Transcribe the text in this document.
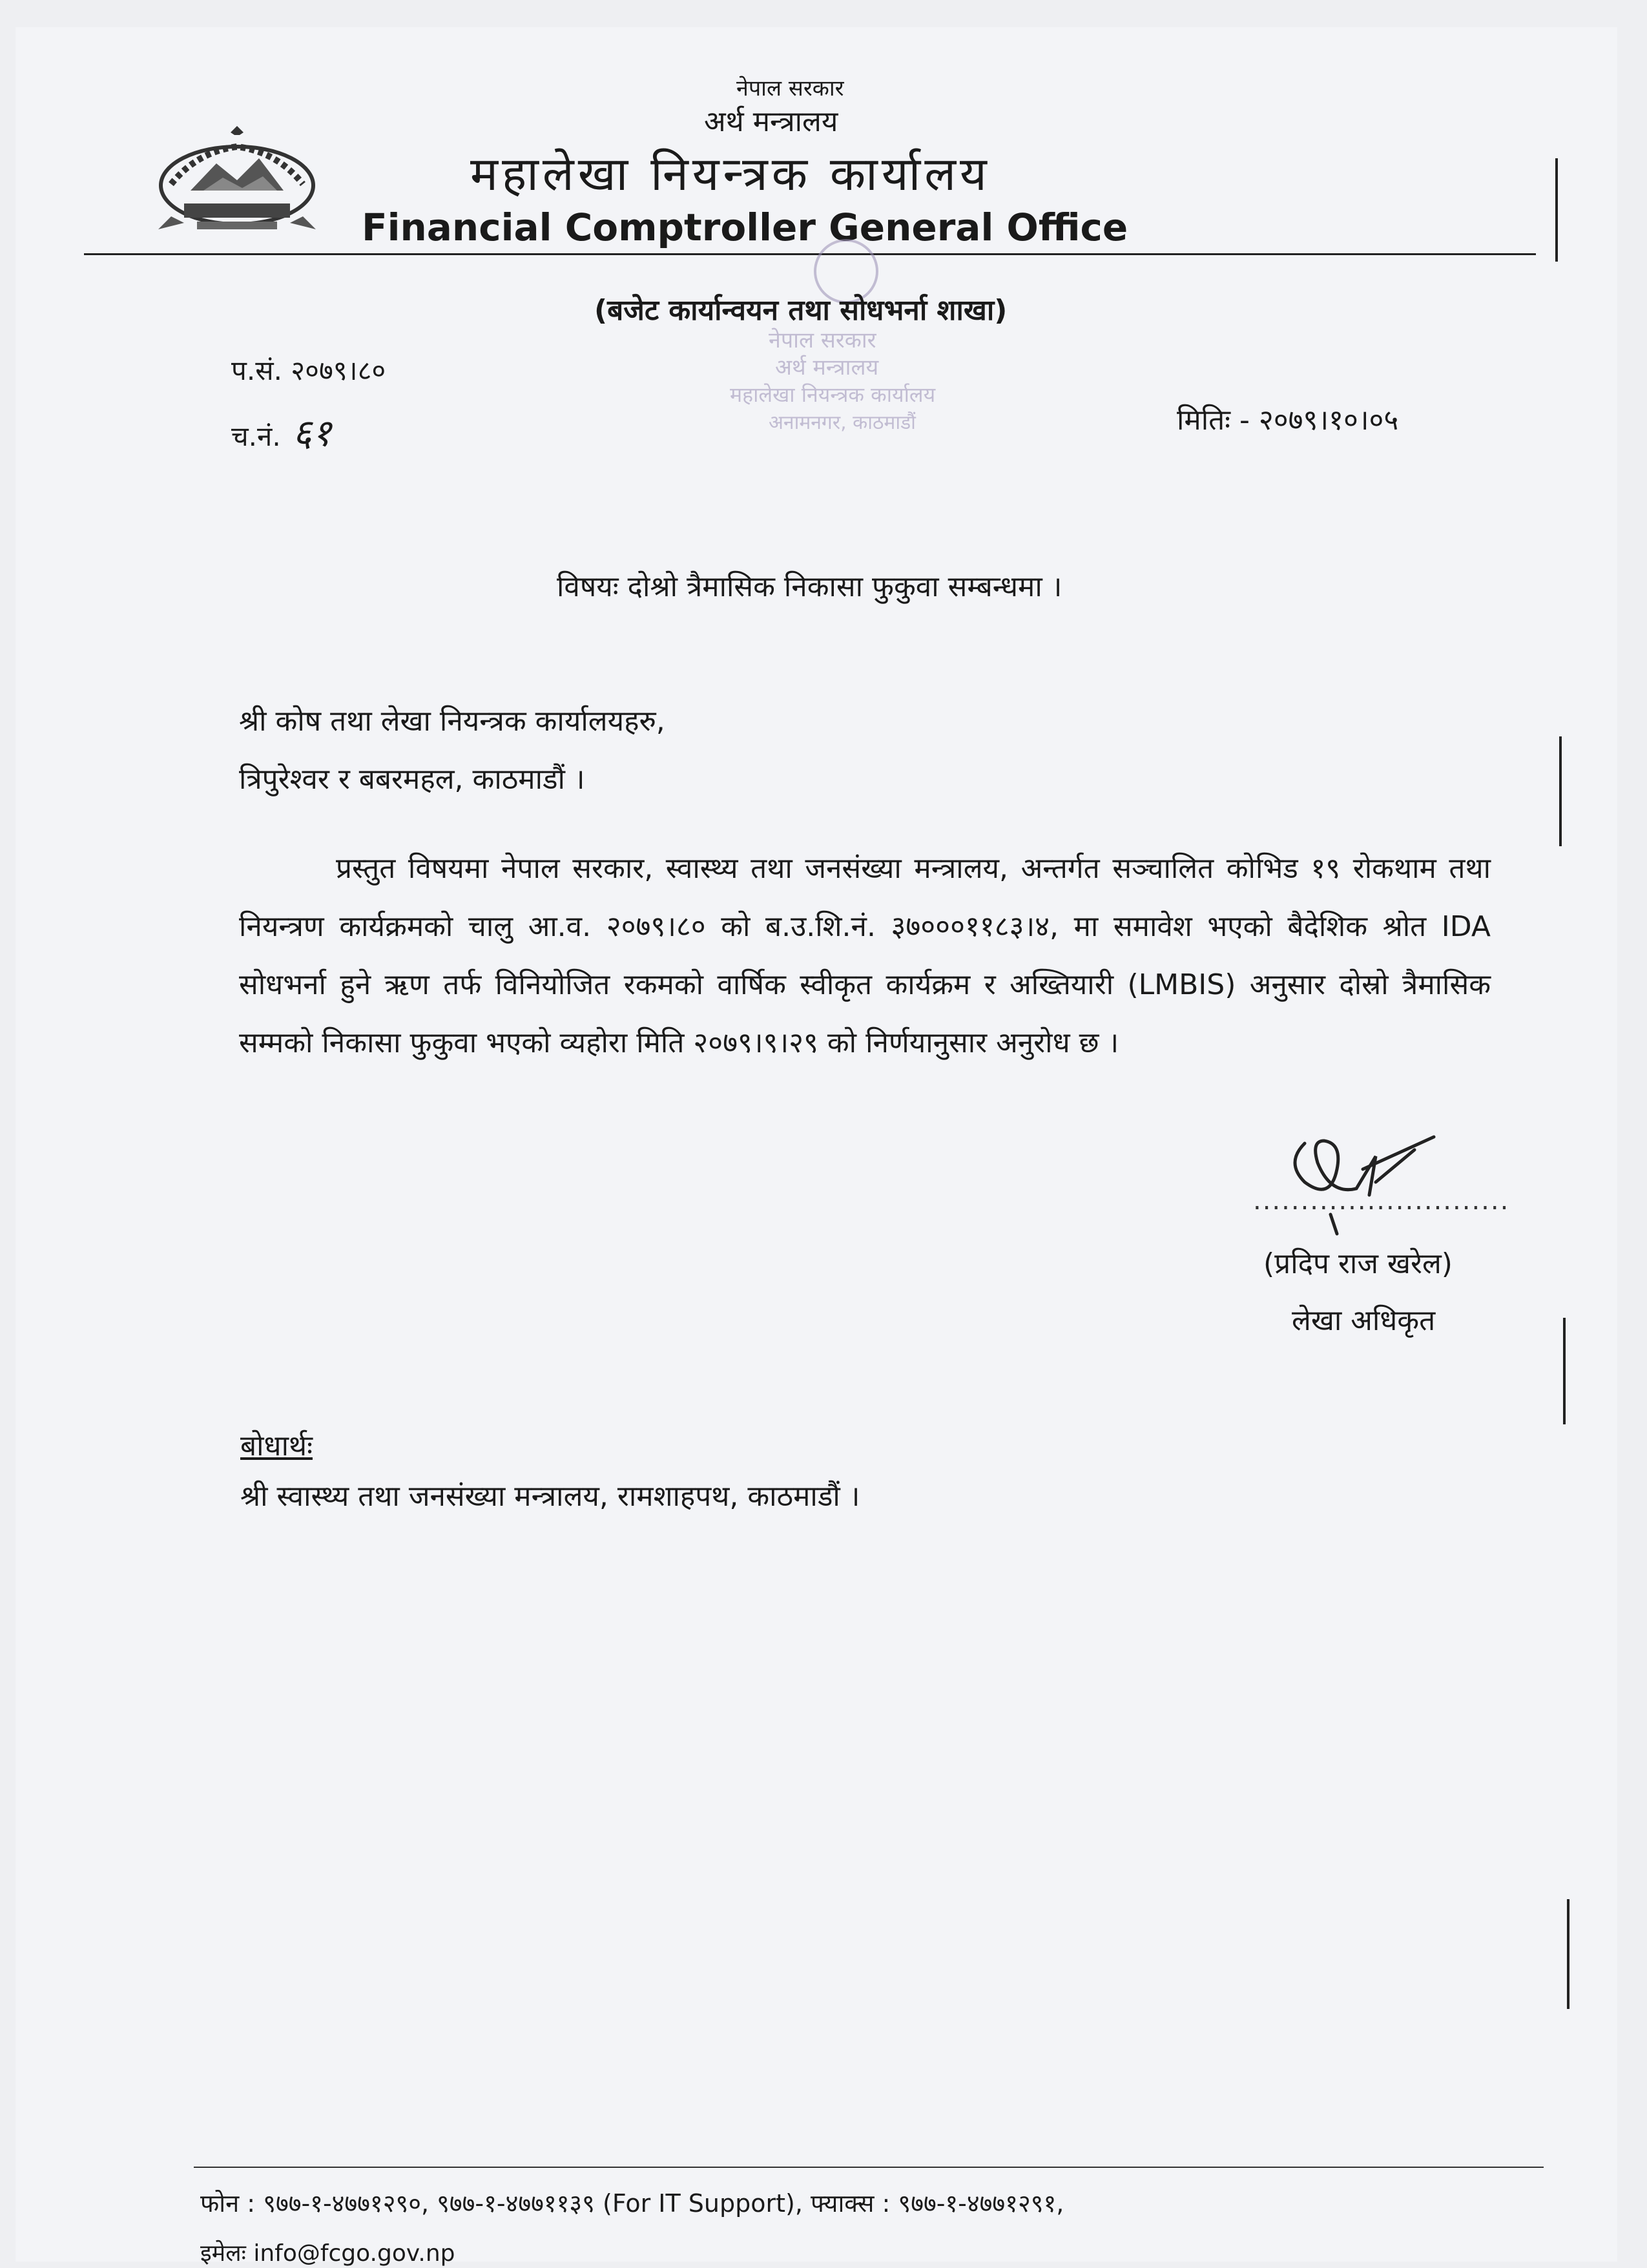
नेपाल सरकार
अर्थ मन्त्रालय
महालेखा नियन्त्रक कार्यालय
Financial Comptroller General Office
नेपाल सरकार
अर्थ मन्त्रालय
महालेखा नियन्त्रक कार्यालय
अनामनगर, काठमाडौं
(बजेट कार्यान्वयन तथा सोधभर्ना शाखा)
प.सं. २०७९।८०
च.नं. ६१	मितिः - २०७९।१०।०५
विषयः दोश्रो त्रैमासिक निकासा फुकुवा सम्बन्धमा ।
श्री कोष तथा लेखा नियन्त्रक कार्यालयहरु,
त्रिपुरेश्वर र बबरमहल, काठमाडौं ।
प्रस्तुत विषयमा नेपाल सरकार, स्वास्थ्य तथा जनसंख्या मन्त्रालय, अन्तर्गत सञ्चालित कोभिड १९ रोकथाम तथा नियन्त्रण कार्यक्रमको चालु आ.व. २०७९।८० को ब.उ.शि.नं. ३७०००११८३।४, मा समावेश भएको बैदेशिक श्रोत IDA सोधभर्ना हुने ऋण तर्फ विनियोजित रकमको वार्षिक स्वीकृत कार्यक्रम र अख्तियारी (LMBIS) अनुसार दोस्रो त्रैमासिक सम्मको निकासा फुकुवा भएको व्यहोरा मिति २०७९।९।२९ को निर्णयानुसार अनुरोध छ ।
...........................
(प्रदिप राज खरेल)
लेखा अधिकृत
बोधार्थः
श्री स्वास्थ्य तथा जनसंख्या मन्त्रालय, रामशाहपथ, काठमाडौं ।
फोन : ९७७-१-४७७१२९०, ९७७-१-४७७११३९ (For IT Support), फ्याक्स : ९७७-१-४७७१२९१,
इमेलः info@fcgo.gov.np
